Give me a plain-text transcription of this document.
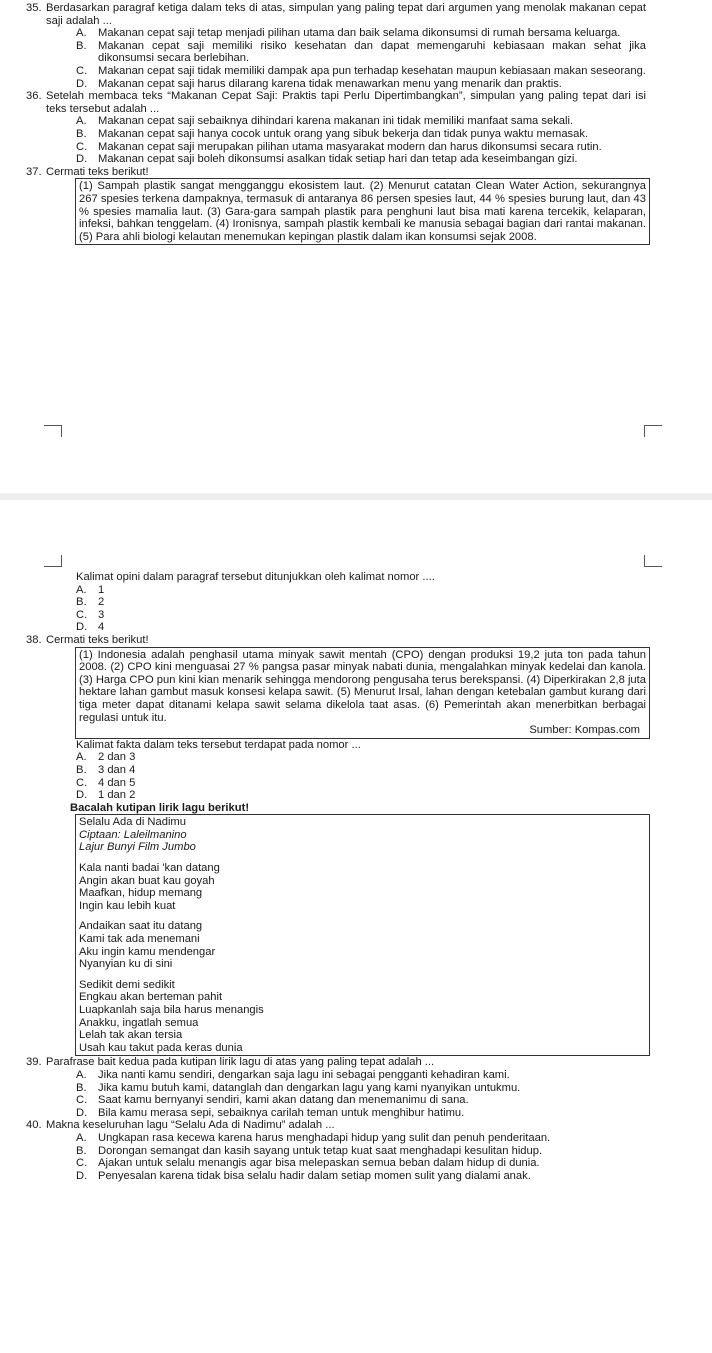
35. Berdasarkan paragraf ketiga dalam teks di atas, simpulan yang paling tepat dari argumen yang menolak makanan cepat saji adalah ...
A.	Makanan cepat saji tetap menjadi pilihan utama dan baik selama dikonsumsi di rumah bersama keluarga.
B.	Makanan cepat saji memiliki risiko kesehatan dan dapat memengaruhi kebiasaan makan sehat jika dikonsumsi secara berlebihan.
C. Makanan cepat saji tidak memiliki dampak apa pun terhadap kesehatan maupun kebiasaan makan seseorang.
D. Makanan cepat saji harus dilarang karena tidak menawarkan menu yang menarik dan praktis.
36. Setelah membaca teks “Makanan Cepat Saji: Praktis tapi Perlu Dipertimbangkan”, simpulan yang paling tepat dari isi teks tersebut adalah ...
A.	Makanan cepat saji sebaiknya dihindari karena makanan ini tidak memiliki manfaat sama sekali.
B.	Makanan cepat saji hanya cocok untuk orang yang sibuk bekerja dan tidak punya waktu memasak.
C. Makanan cepat saji merupakan pilihan utama masyarakat modern dan harus dikonsumsi secara rutin.
D. Makanan cepat saji boleh dikonsumsi asalkan tidak setiap hari dan tetap ada keseimbangan gizi.
37. Cermati teks berikut!
(1) Sampah plastik sangat mengganggu ekosistem laut. (2) Menurut catatan Clean Water Action, sekurangnya 267 spesies terkena dampaknya, termasuk di antaranya 86 persen spesies laut, 44 % spesies burung laut, dan 43 % spesies mamalia laut. (3) Gara-gara sampah plastik para penghuni laut bisa mati karena tercekik, kelaparan, infeksi, bahkan tenggelam. (4) Ironisnya, sampah plastik kembali ke manusia sebagai bagian dari rantai makanan. (5) Para ahli biologi kelautan menemukan kepingan plastik dalam ikan konsumsi sejak 2008.
Kalimat opini dalam paragraf tersebut ditunjukkan oleh kalimat nomor ....
A.	1
B.	2
C. 3
D. 4
38. Cermati teks berikut!
(1) Indonesia adalah penghasil utama minyak sawit mentah (CPO) dengan produksi 19,2 juta ton pada tahun 2008. (2) CPO kini menguasai 27 % pangsa pasar minyak nabati dunia, mengalahkan minyak kedelai dan kanola. (3) Harga CPO pun kini kian menarik sehingga mendorong pengusaha terus berekspansi. (4) Diperkirakan 2,8 juta hektare lahan gambut masuk konsesi kelapa sawit. (5) Menurut Irsal, lahan dengan ketebalan gambut kurang dari tiga meter dapat ditanami kelapa sawit selama dikelola taat asas. (6) Pemerintah akan menerbitkan berbagai regulasi untuk itu.
Sumber: Kompas.com
Kalimat fakta dalam teks tersebut terdapat pada nomor ...
A.	2 dan 3
B.	3 dan 4
C. 4 dan 5
D. 1 dan 2
Bacalah kutipan lirik lagu berikut!
Selalu Ada di Nadimu
Ciptaan: Laleilmanino
Lajur Bunyi Film Jumbo
Kala nanti badai 'kan datang
Angin akan buat kau goyah
Maafkan, hidup memang
Ingin kau lebih kuat
Andaikan saat itu datang
Kami tak ada menemani
Aku ingin kamu mendengar
Nyanyian ku di sini
Sedikit demi sedikit
Engkau akan berteman pahit
Luapkanlah saja bila harus menangis
Anakku, ingatlah semua
Lelah tak akan tersia
Usah kau takut pada keras dunia
39. Parafrase bait kedua pada kutipan lirik lagu di atas yang paling tepat adalah ...
A.	Jika nanti kamu sendiri, dengarkan saja lagu ini sebagai pengganti kehadiran kami.
B.	Jika kamu butuh kami, datanglah dan dengarkan lagu yang kami nyanyikan untukmu.
C. Saat kamu bernyanyi sendiri, kami akan datang dan menemanimu di sana.
D. Bila kamu merasa sepi, sebaiknya carilah teman untuk menghibur hatimu.
40. Makna keseluruhan lagu “Selalu Ada di Nadimu” adalah ...
A.	Ungkapan rasa kecewa karena harus menghadapi hidup yang sulit dan penuh penderitaan.
B.	Dorongan semangat dan kasih sayang untuk tetap kuat saat menghadapi kesulitan hidup.
C. Ajakan untuk selalu menangis agar bisa melepaskan semua beban dalam hidup di dunia.
D. Penyesalan karena tidak bisa selalu hadir dalam setiap momen sulit yang dialami anak.
